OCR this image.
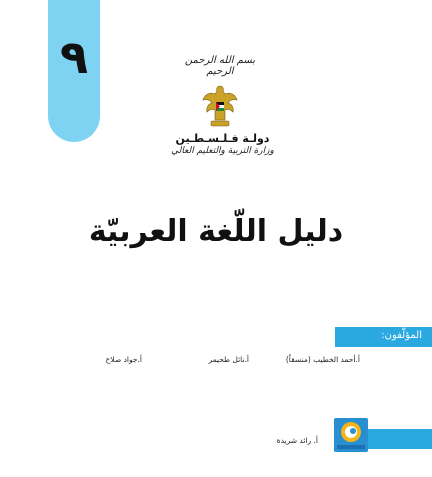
٩	بسم الله الرحمن الرحيم
دولـة فـلـسـطـين
وزارة التربية والتعليم العالي
دليل اللّغة العربيّة
المؤلّفون:
أ.أحمد الخطيب (منسقاً)
أ.نائل طحيمر
أ.جواد صلاح
أ. رائد شريدة
